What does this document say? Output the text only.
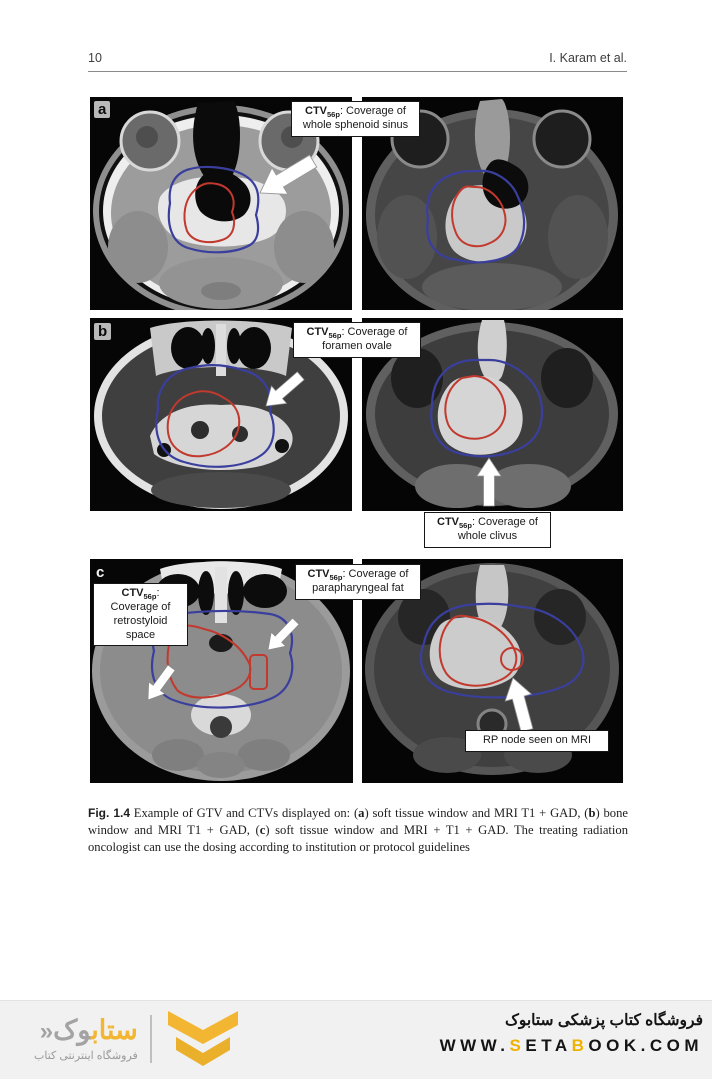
10	I. Karam et al.
a
b
c
$CTV_{56p}$: Coverage of whole sphenoid sinus
$CTV_{56p}$: Coverage of foramen ovale
$CTV_{56p}$: Coverage of whole clivus
$CTV_{56p}$: Coverage of retrostyloid space
$CTV_{56p}$: Coverage of parapharyngeal fat
RP node seen on MRI

Fig. 1.4 Example of GTV and CTVs displayed on: (a) soft tissue window and MRI T1 + GAD, (b) bone window and MRI T1 + GAD, (c) soft tissue window and MRI + T1 + GAD. The treating radiation oncologist can use the dosing according to institution or protocol guidelines

ستابوک«
فروشگاه اینترنتی کتاب
فروشگاه کتاب پزشکی ستابوک
WWW.SETABOOK.COM
